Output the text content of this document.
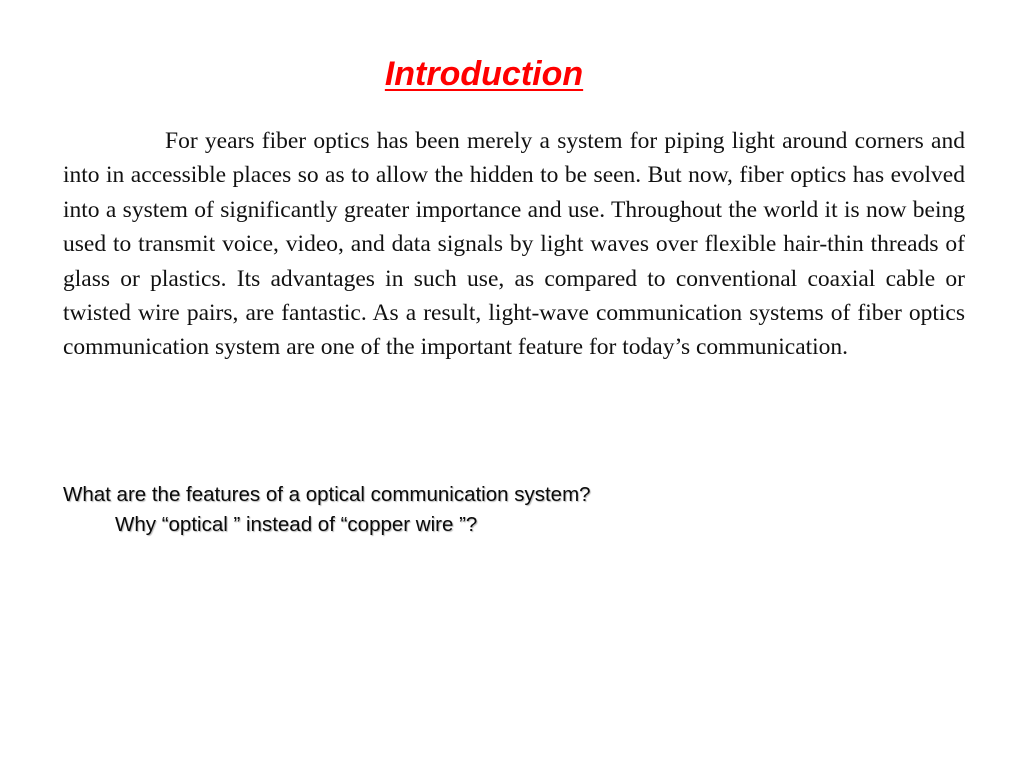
Introduction

For years fiber optics has been merely a system for piping light around corners and into in accessible places so as to allow the hidden to be seen. But now, fiber optics has evolved into a system of significantly greater importance and use. Throughout the world it is now being used to transmit voice, video, and data signals by light waves over flexible hair-thin threads of glass or plastics. Its advantages in such use, as compared to conventional coaxial cable or twisted wire pairs, are fantastic. As a result, light-wave communication systems of fiber optics communication system are one of the important feature for today’s communication.

What are the features of a optical communication system?

Why “optical ” instead of “copper wire ”?
